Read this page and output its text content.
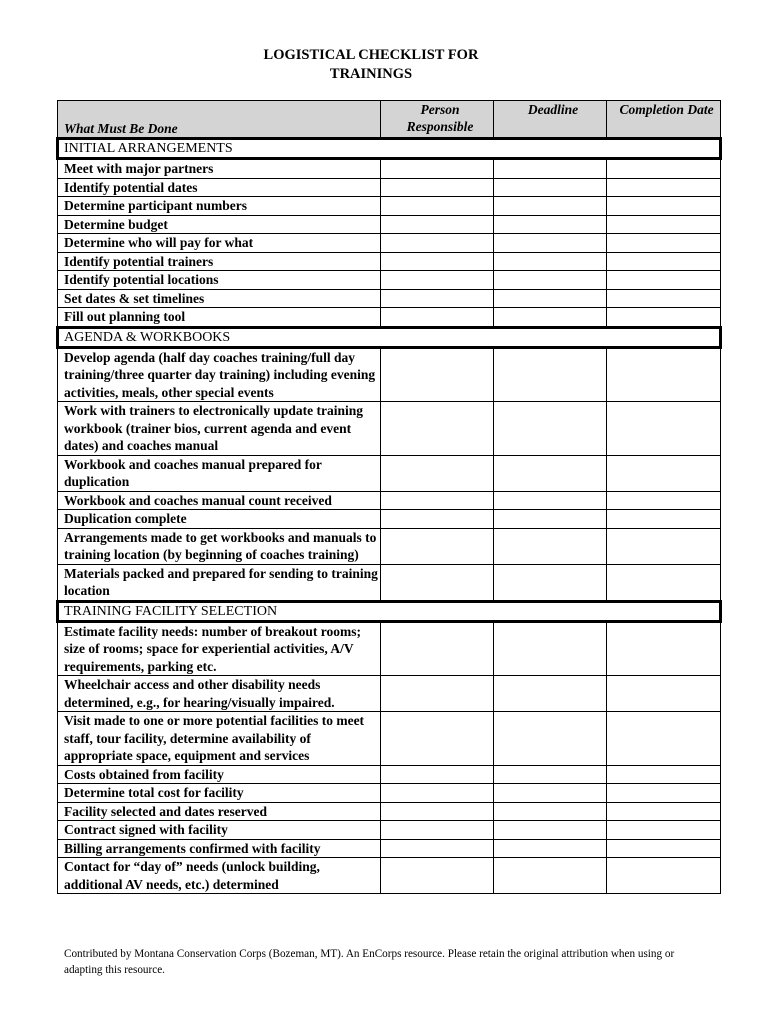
LOGISTICAL CHECKLIST FOR
TRAININGS
What Must Be Done	Person Responsible	Deadline	Completion Date
INITIAL ARRANGEMENTS			
Meet with major partners			
Identify potential dates			
Determine participant numbers			
Determine budget			
Determine who will pay for what			
Identify potential trainers			
Identify potential locations			
Set dates & set timelines			
Fill out planning tool			
AGENDA & WORKBOOKS			
Develop agenda (half day coaches training/full day training/three quarter day training) including evening activities, meals, other special events			
Work with trainers to electronically update training workbook (trainer bios, current agenda and event dates) and coaches manual			
Workbook and coaches manual prepared for duplication			
Workbook and coaches manual count received			
Duplication complete			
Arrangements made to get workbooks and manuals to training location (by beginning of coaches training)			
Materials packed and prepared for sending to training location			
TRAINING FACILITY SELECTION			
Estimate facility needs: number of breakout rooms; size of rooms; space for experiential activities, A/V requirements, parking etc.			
Wheelchair access and other disability needs determined, e.g., for hearing/visually impaired.			
Visit made to one or more potential facilities to meet staff, tour facility, determine availability of appropriate space, equipment and services			
Costs obtained from facility			
Determine total cost for facility			
Facility selected and dates reserved			
Contract signed with facility			
Billing arrangements confirmed with facility			
Contact for “day of” needs (unlock building, additional AV needs, etc.) determined			
Contributed by Montana Conservation Corps (Bozeman, MT). An EnCorps resource. Please retain the original attribution when using or adapting this resource.
